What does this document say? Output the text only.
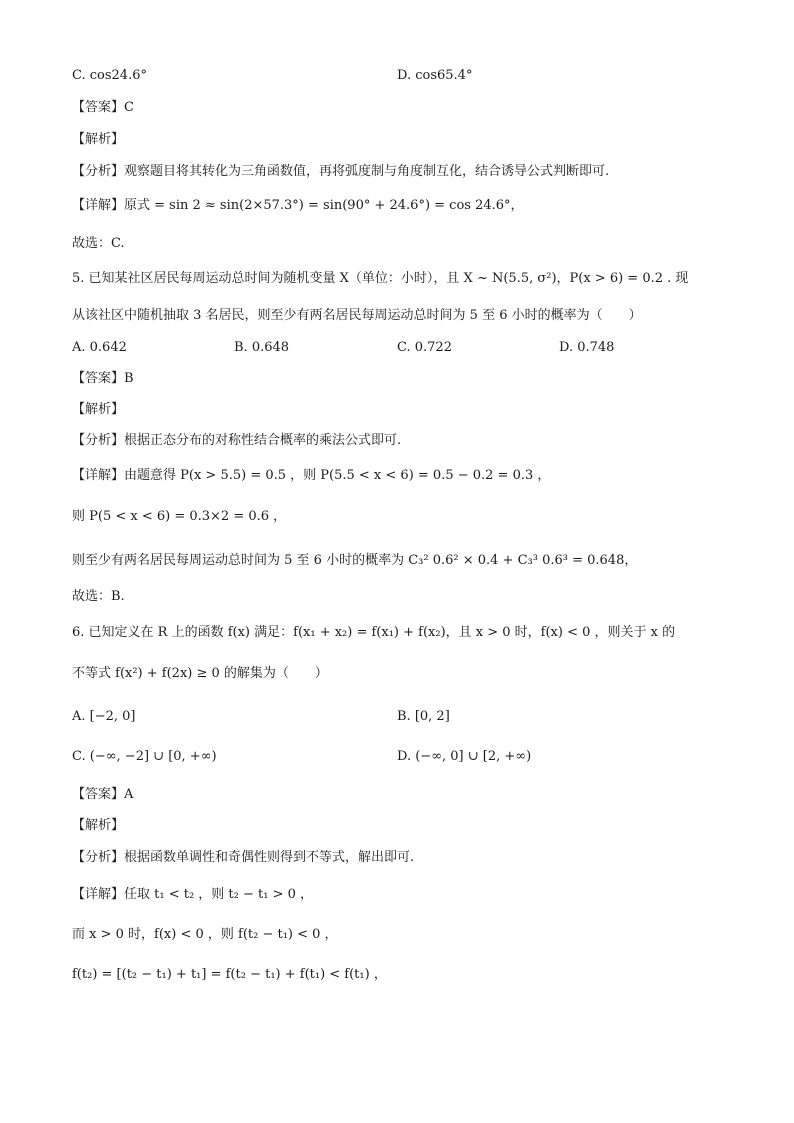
C. cos24.6°	D. cos65.4°
【答案】C
【解析】
【分析】观察题目将其转化为三角函数值，再将弧度制与角度制互化，结合诱导公式判断即可.
【详解】原式 = sin 2 ≈ sin(2×57.3°) = sin(90° + 24.6°) = cos 24.6°，
故选：C.
5. 已知某社区居民每周运动总时间为随机变量 X（单位：小时），且 X ~ N(5.5, σ²)，P(x > 6) = 0.2 . 现
从该社区中随机抽取 3 名居民，则至少有两名居民每周运动总时间为 5 至 6 小时的概率为（　　）
A. 0.642	B. 0.648	C. 0.722	D. 0.748
【答案】B
【解析】
【分析】根据正态分布的对称性结合概率的乘法公式即可.
【详解】由题意得 P(x > 5.5) = 0.5 ，则 P(5.5 < x < 6) = 0.5 − 0.2 = 0.3 ，
则 P(5 < x < 6) = 0.3×2 = 0.6 ，
则至少有两名居民每周运动总时间为 5 至 6 小时的概率为 C₃² 0.6² × 0.4 + C₃³ 0.6³ = 0.648，
故选：B.
6. 已知定义在 R 上的函数 f(x) 满足：f(x₁ + x₂) = f(x₁) + f(x₂)，且 x > 0 时，f(x) < 0 ，则关于 x 的
不等式 f(x²) + f(2x) ≥ 0 的解集为（　　）
A. [−2, 0]	B. [0, 2]
C. (−∞, −2] ∪ [0, +∞)	D. (−∞, 0] ∪ [2, +∞)
【答案】A
【解析】
【分析】根据函数单调性和奇偶性则得到不等式，解出即可.
【详解】任取 t₁ < t₂ ，则 t₂ − t₁ > 0 ，
而 x > 0 时，f(x) < 0 ，则 f(t₂ − t₁) < 0 ，
f(t₂) = [(t₂ − t₁) + t₁] = f(t₂ − t₁) + f(t₁) < f(t₁) ，
